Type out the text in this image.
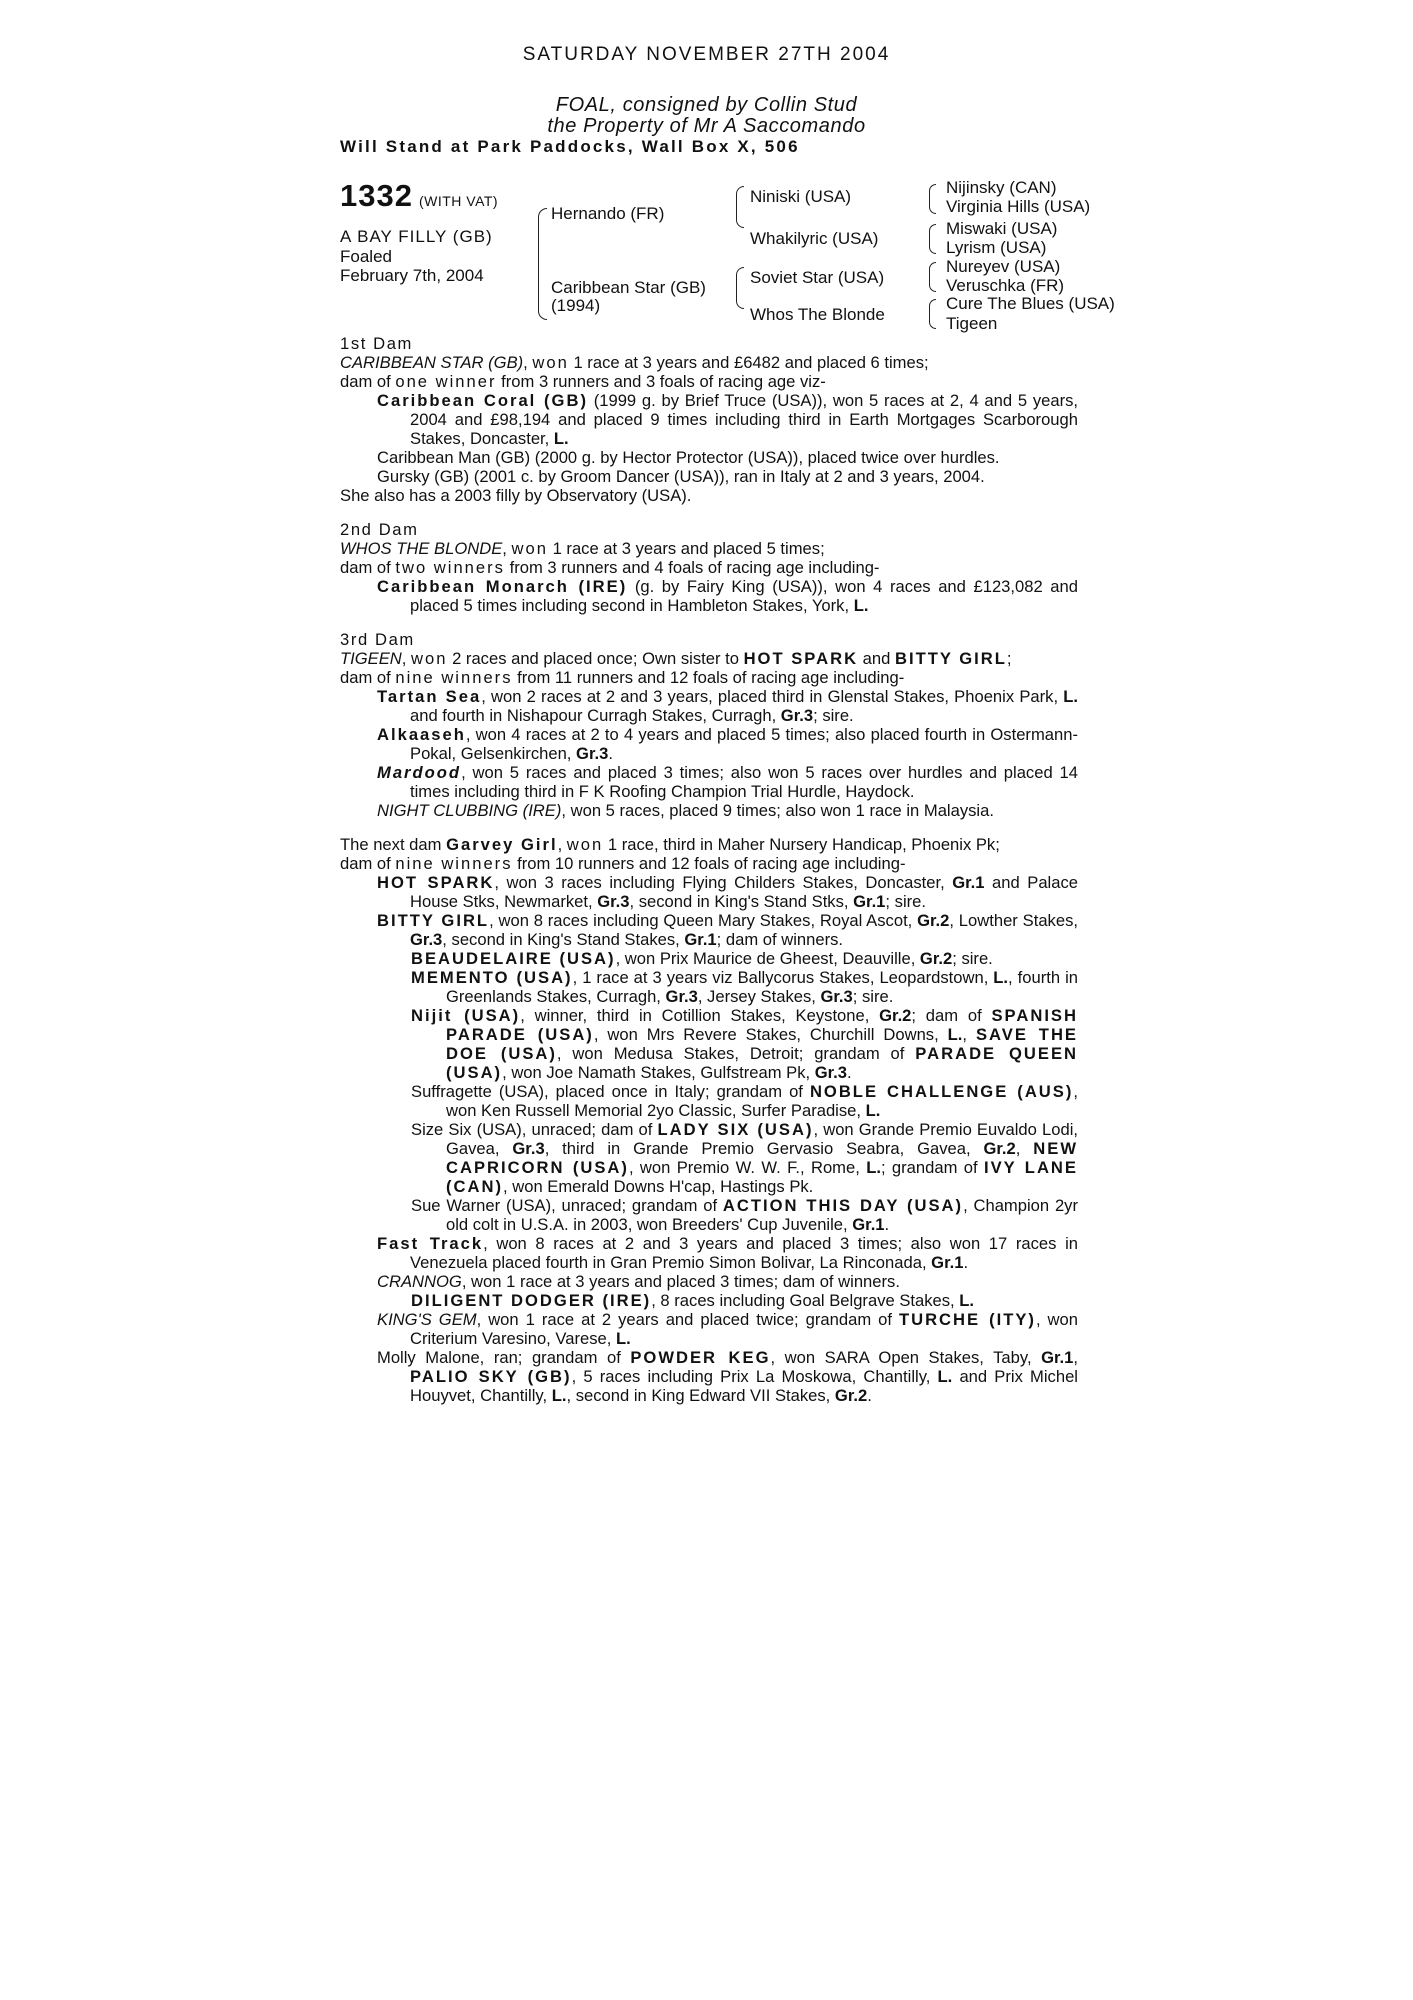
SATURDAY NOVEMBER 27TH 2004
FOAL, consigned by Collin Stud
the Property of Mr A Saccomando
Will Stand at Park Paddocks, Wall Box X, 506
1332 (WITH VAT)
A BAY FILLY (GB)
Foaled
February 7th, 2004
Hernando (FR)
Caribbean Star (GB)
(1994)
Niniski (USA)
Whakilyric (USA)
Soviet Star (USA)
Whos The Blonde
Nijinsky (CAN)
Virginia Hills (USA)
Miswaki (USA)
Lyrism (USA)
Nureyev (USA)
Veruschka (FR)
Cure The Blues (USA)
Tigeen
1st Dam
CARIBBEAN STAR (GB), won 1 race at 3 years and £6482 and placed 6 times;
dam of one winner from 3 runners and 3 foals of racing age viz-
Caribbean Coral (GB) (1999 g. by Brief Truce (USA)), won 5 races at 2, 4 and 5 years, 2004 and £98,194 and placed 9 times including third in Earth Mortgages Scarborough Stakes, Doncaster, L.
Caribbean Man (GB) (2000 g. by Hector Protector (USA)), placed twice over hurdles.
Gursky (GB) (2001 c. by Groom Dancer (USA)), ran in Italy at 2 and 3 years, 2004.
She also has a 2003 filly by Observatory (USA).
2nd Dam
WHOS THE BLONDE, won 1 race at 3 years and placed 5 times;
dam of two winners from 3 runners and 4 foals of racing age including-
Caribbean Monarch (IRE) (g. by Fairy King (USA)), won 4 races and £123,082 and placed 5 times including second in Hambleton Stakes, York, L.
3rd Dam
TIGEEN, won 2 races and placed once; Own sister to HOT SPARK and BITTY GIRL;
dam of nine winners from 11 runners and 12 foals of racing age including-
Tartan Sea, won 2 races at 2 and 3 years, placed third in Glenstal Stakes, Phoenix Park, L. and fourth in Nishapour Curragh Stakes, Curragh, Gr.3; sire.
Alkaaseh, won 4 races at 2 to 4 years and placed 5 times; also placed fourth in Ostermann-Pokal, Gelsenkirchen, Gr.3.
Mardood, won 5 races and placed 3 times; also won 5 races over hurdles and placed 14 times including third in F K Roofing Champion Trial Hurdle, Haydock.
NIGHT CLUBBING (IRE), won 5 races, placed 9 times; also won 1 race in Malaysia.
The next dam Garvey Girl, won 1 race, third in Maher Nursery Handicap, Phoenix Pk;
dam of nine winners from 10 runners and 12 foals of racing age including-
HOT SPARK, won 3 races including Flying Childers Stakes, Doncaster, Gr.1 and Palace House Stks, Newmarket, Gr.3, second in King's Stand Stks, Gr.1; sire.
BITTY GIRL, won 8 races including Queen Mary Stakes, Royal Ascot, Gr.2, Lowther Stakes, Gr.3, second in King's Stand Stakes, Gr.1; dam of winners.
BEAUDELAIRE (USA), won Prix Maurice de Gheest, Deauville, Gr.2; sire.
MEMENTO (USA), 1 race at 3 years viz Ballycorus Stakes, Leopardstown, L., fourth in Greenlands Stakes, Curragh, Gr.3, Jersey Stakes, Gr.3; sire.
Nijit (USA), winner, third in Cotillion Stakes, Keystone, Gr.2; dam of SPANISH PARADE (USA), won Mrs Revere Stakes, Churchill Downs, L., SAVE THE DOE (USA), won Medusa Stakes, Detroit; grandam of PARADE QUEEN (USA), won Joe Namath Stakes, Gulfstream Pk, Gr.3.
Suffragette (USA), placed once in Italy; grandam of NOBLE CHALLENGE (AUS), won Ken Russell Memorial 2yo Classic, Surfer Paradise, L.
Size Six (USA), unraced; dam of LADY SIX (USA), won Grande Premio Euvaldo Lodi, Gavea, Gr.3, third in Grande Premio Gervasio Seabra, Gavea, Gr.2, NEW CAPRICORN (USA), won Premio W. W. F., Rome, L.; grandam of IVY LANE (CAN), won Emerald Downs H'cap, Hastings Pk.
Sue Warner (USA), unraced; grandam of ACTION THIS DAY (USA), Champion 2yr old colt in U.S.A. in 2003, won Breeders' Cup Juvenile, Gr.1.
Fast Track, won 8 races at 2 and 3 years and placed 3 times; also won 17 races in Venezuela placed fourth in Gran Premio Simon Bolivar, La Rinconada, Gr.1.
CRANNOG, won 1 race at 3 years and placed 3 times; dam of winners.
DILIGENT DODGER (IRE), 8 races including Goal Belgrave Stakes, L.
KING'S GEM, won 1 race at 2 years and placed twice; grandam of TURCHE (ITY), won Criterium Varesino, Varese, L.
Molly Malone, ran; grandam of POWDER KEG, won SARA Open Stakes, Taby, Gr.1, PALIO SKY (GB), 5 races including Prix La Moskowa, Chantilly, L. and Prix Michel Houyvet, Chantilly, L., second in King Edward VII Stakes, Gr.2.
